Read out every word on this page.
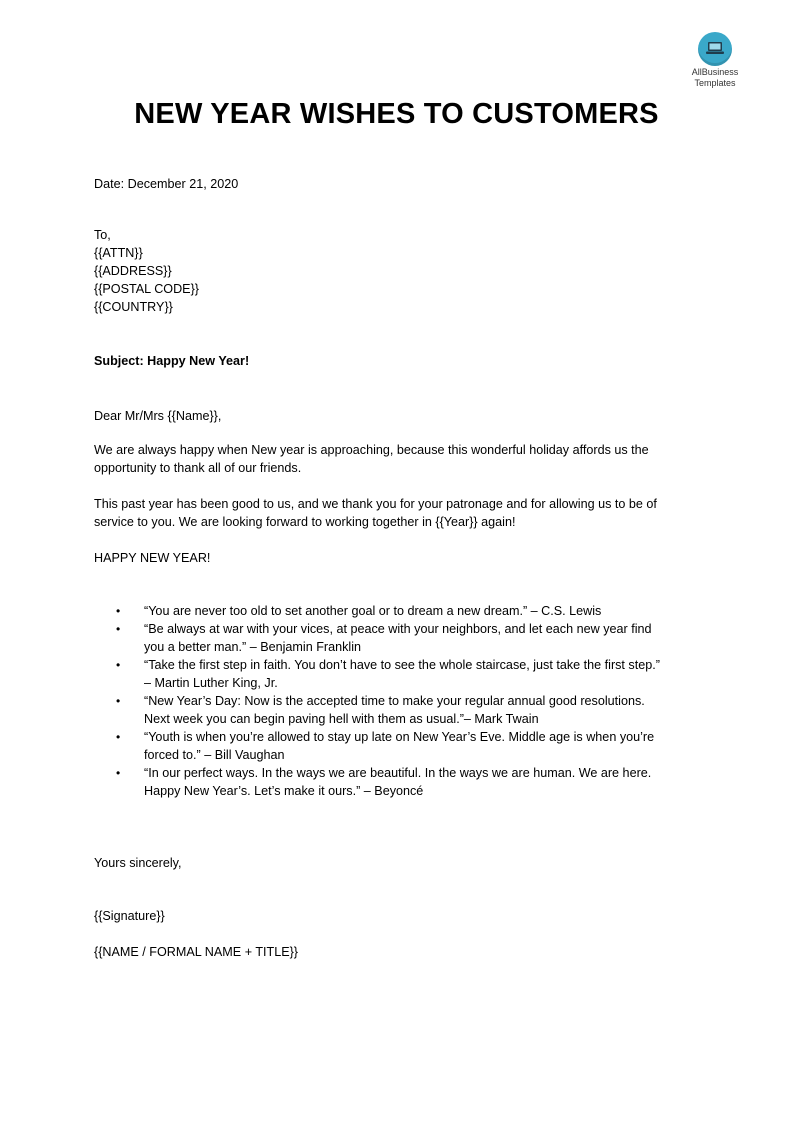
AllBusiness
Templates
NEW YEAR WISHES TO CUSTOMERS
Date: December 21, 2020
To,
{{ATTN}}
{{ADDRESS}}
{{POSTAL CODE}}
{{COUNTRY}}
Subject: Happy New Year!
Dear Mr/Mrs {{Name}},
We are always happy when New year is approaching, because this wonderful holiday affords us the
opportunity to thank all of our friends.
This past year has been good to us, and we thank you for your patronage and for allowing us to be of
service to you. We are looking forward to working together in {{Year}} again!
HAPPY NEW YEAR!
• “You are never too old to set another goal or to dream a new dream.” – C.S. Lewis
• “Be always at war with your vices, at peace with your neighbors, and let each new year find
you a better man.” – Benjamin Franklin
• “Take the first step in faith. You don’t have to see the whole staircase, just take the first step.”
– Martin Luther King, Jr.
• “New Year’s Day: Now is the accepted time to make your regular annual good resolutions.
Next week you can begin paving hell with them as usual.”– Mark Twain
• “Youth is when you’re allowed to stay up late on New Year’s Eve. Middle age is when you’re
forced to.” – Bill Vaughan
• “In our perfect ways. In the ways we are beautiful. In the ways we are human. We are here.
Happy New Year’s. Let’s make it ours.” – Beyoncé
Yours sincerely,
{{Signature}}
{{NAME / FORMAL NAME + TITLE}}
